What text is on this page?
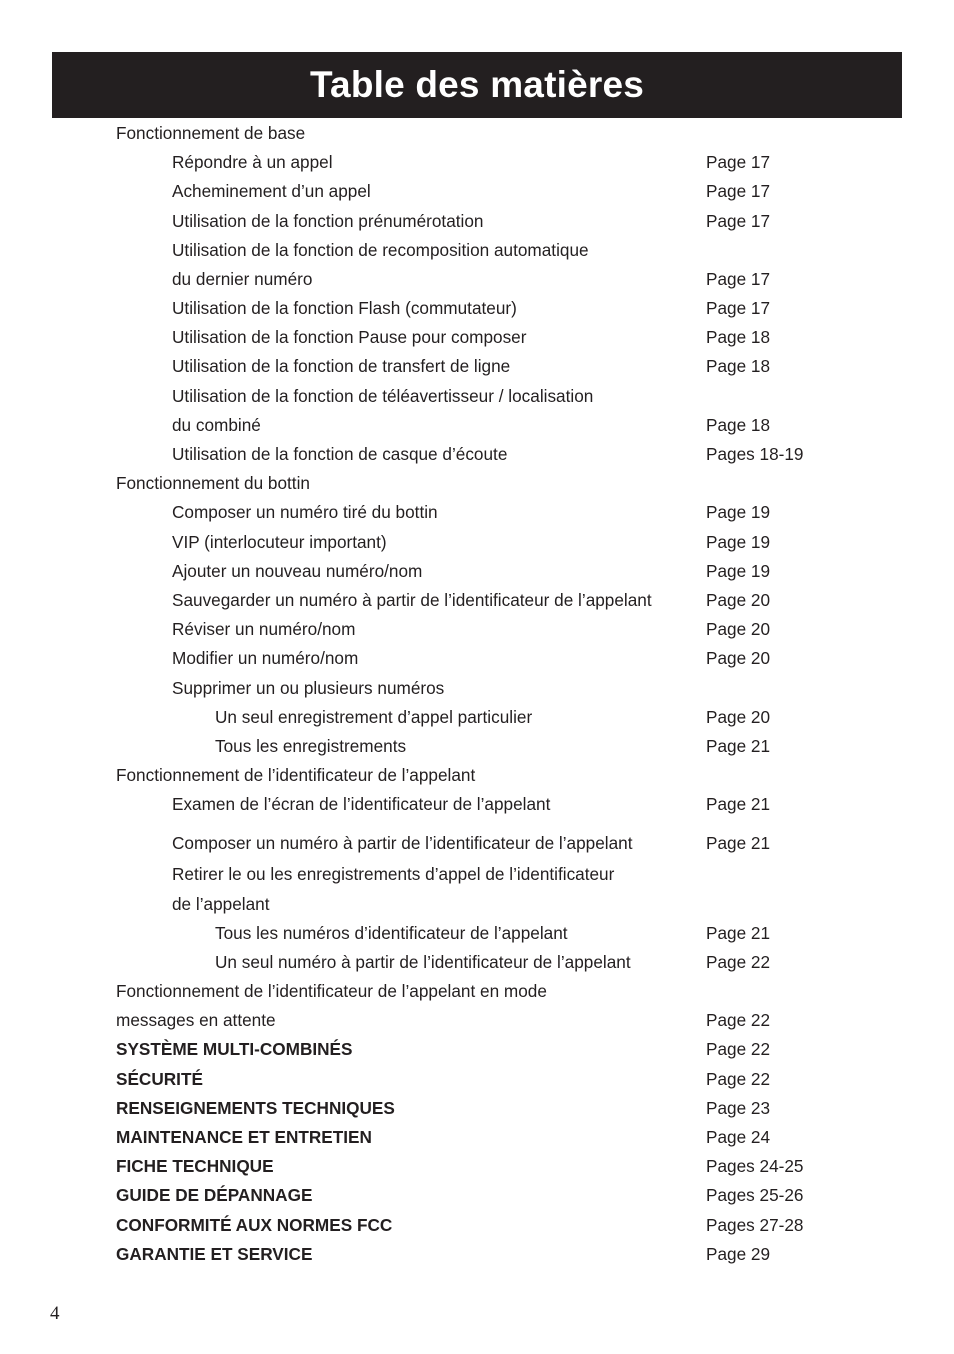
Table des matières
Fonctionnement de base
Répondre à un appel	Page 17
Acheminement d’un appel	Page 17
Utilisation de la fonction prénumérotation	Page 17
Utilisation de la fonction de recomposition automatique
du dernier numéro	Page 17
Utilisation de la fonction Flash (commutateur)	Page 17
Utilisation de la fonction Pause pour composer	Page 18
Utilisation de la fonction de transfert de ligne	Page 18
Utilisation de la fonction de téléavertisseur / localisation
du combiné	Page 18
Utilisation de la fonction de casque d’écoute	Pages 18-19
Fonctionnement du bottin
Composer un numéro tiré du bottin	Page 19
VIP (interlocuteur important)	Page 19
Ajouter un nouveau numéro/nom	Page 19
Sauvegarder un numéro à partir de l’identificateur de l’appelant	Page 20
Réviser un numéro/nom	Page 20
Modifier un numéro/nom	Page 20
Supprimer un ou plusieurs numéros
Un seul enregistrement d’appel particulier	Page 20
Tous les enregistrements	Page 21
Fonctionnement de l’identificateur de l’appelant
Examen de l’écran de l’identificateur de l’appelant	Page 21
Composer un numéro à partir de l’identificateur de l’appelant	Page 21
Retirer le ou les enregistrements d’appel de l’identificateur
de l’appelant
Tous les numéros d’identificateur de l’appelant	Page 21
Un seul numéro à partir de l’identificateur de l’appelant	Page 22
Fonctionnement de l’identificateur de l’appelant en mode
messages en attente	Page 22
SYSTÈME MULTI-COMBINÉS	Page 22
SÉCURITÉ	Page 22
RENSEIGNEMENTS TECHNIQUES	Page 23
MAINTENANCE ET ENTRETIEN	Page 24
FICHE TECHNIQUE	Pages 24-25
GUIDE DE DÉPANNAGE	Pages 25-26
CONFORMITÉ AUX NORMES FCC	Pages 27-28
GARANTIE ET SERVICE	Page 29
4
